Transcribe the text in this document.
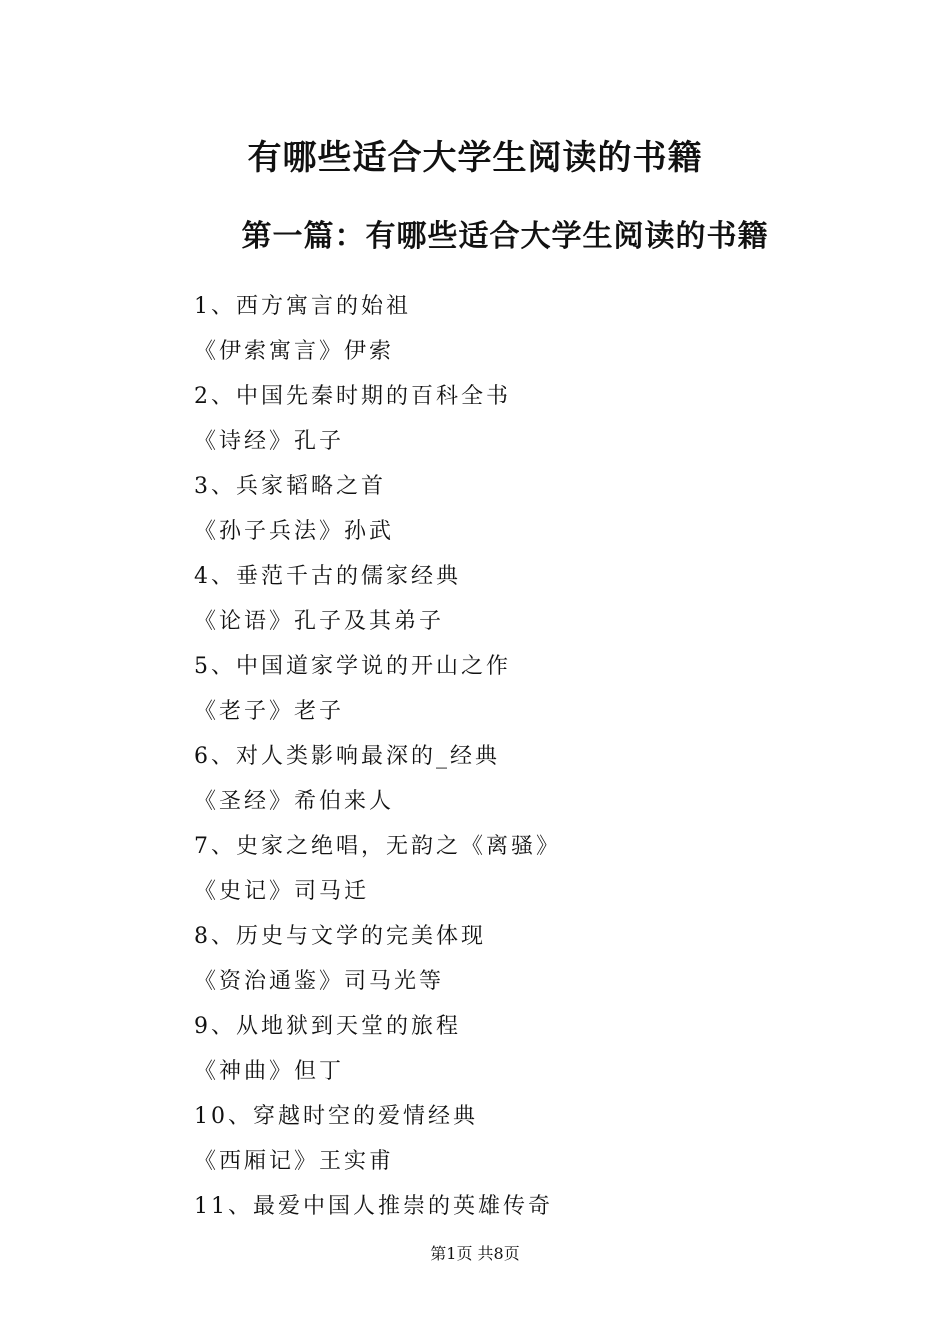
有哪些适合大学生阅读的书籍
第一篇：有哪些适合大学生阅读的书籍
1、西方寓言的始祖
《伊索寓言》伊索
2、中国先秦时期的百科全书
《诗经》孔子
3、兵家韬略之首
《孙子兵法》孙武
4、垂范千古的儒家经典
《论语》孔子及其弟子
5、中国道家学说的开山之作
《老子》老子
6、对人类影响最深的_经典
《圣经》希伯来人
7、史家之绝唱，无韵之《离骚》
《史记》司马迁
8、历史与文学的完美体现
《资治通鉴》司马光等
9、从地狱到天堂的旅程
《神曲》但丁
10、穿越时空的爱情经典
《西厢记》王实甫
11、最爱中国人推崇的英雄传奇
第1页 共8页
